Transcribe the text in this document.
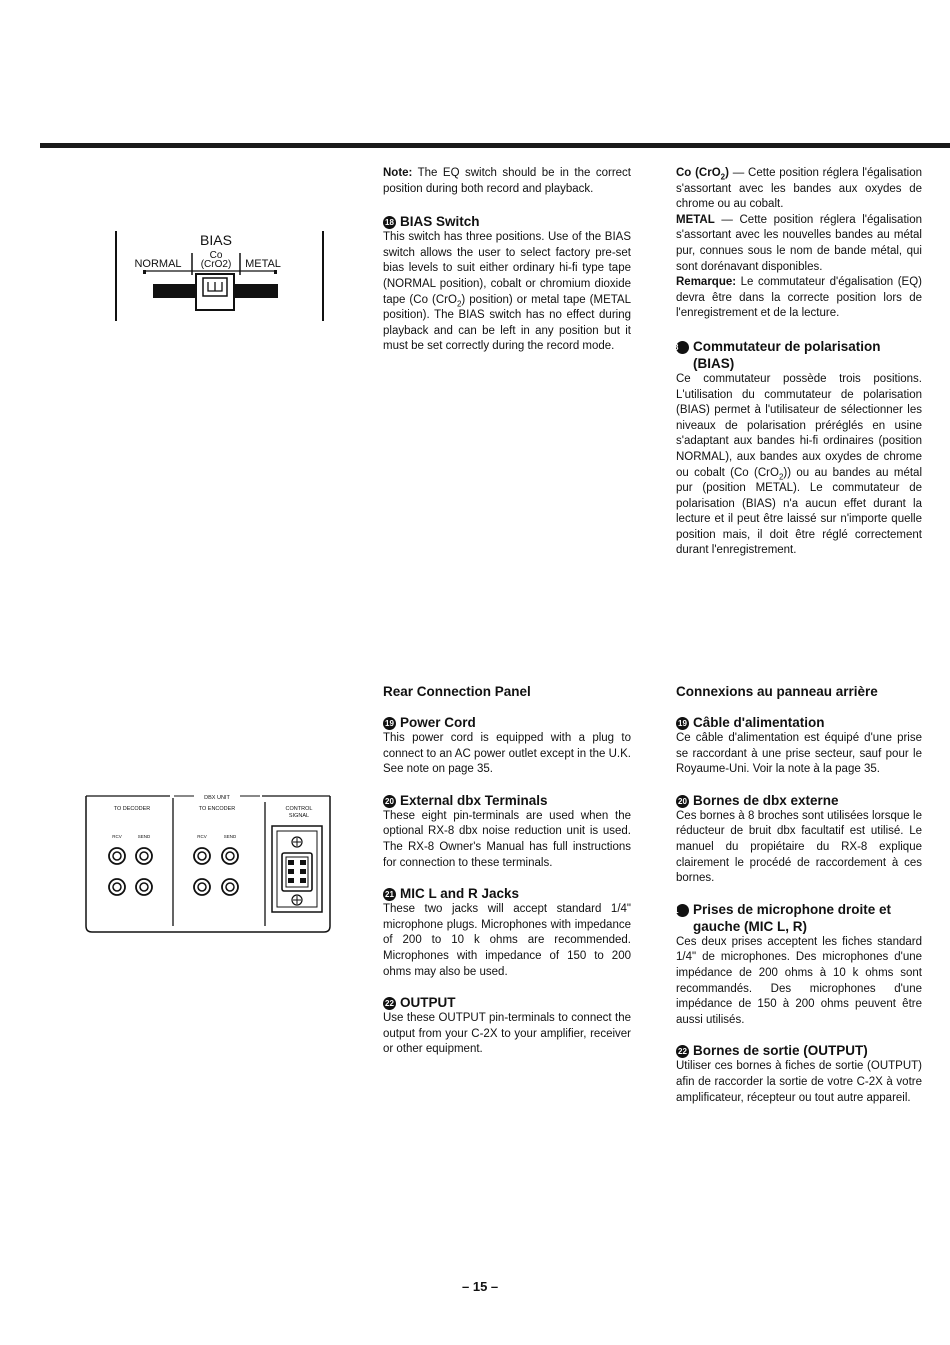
BIAS
Co
NORMAL (CrO2) METAL
DBX UNIT
TO DECODER	TO ENCODER	CONTROL
SIGNAL
RCV	SEND	RCV	SEND

Note: The EQ switch should be in the correct position during both record and playback.

18 BIAS Switch

This switch has three positions. Use of the BIAS switch allows the user to select factory pre-set bias levels to suit either ordinary hi-fi type tape (NORMAL position), cobalt or chromium dioxide tape (Co (CrO$_2$) position) or metal tape (METAL position). The BIAS switch has no effect during playback and can be left in any position but it must be set correctly during the record mode.

Co (CrO$_2$) — Cette position réglera l'égalisation s'assortant avec les bandes aux oxydes de chrome ou au cobalt.

METAL — Cette position réglera l'égalisation s'assortant avec les nouvelles bandes au métal pur, connues sous le nom de bande métal, qui sont dorénavant disponibles.

Remarque: Le commutateur d'égalisation (EQ) devra être dans la correcte position lors de l'enregistrement et de la lecture.

18 Commutateur de polarisation (BIAS)

Ce commutateur possède trois positions. L'utilisation du commutateur de polarisation (BIAS) permet à l'utilisateur de sélectionner les niveaux de polarisation préréglés en usine s'adaptant aux bandes hi-fi ordinaires (position NORMAL), aux bandes aux oxydes de chrome ou cobalt (Co (CrO$_2$)) ou au bandes au métal pur (position METAL). Le commutateur de polarisation (BIAS) n'a aucun effet durant la lecture et il peut être laissé sur n'importe quelle position mais, il doit être réglé correctement durant l'enregistrement.

Rear Connection Panel
19 Power Cord

This power cord is equipped with a plug to connect to an AC power outlet except in the U.K. See note on page 35.

20 External dbx Terminals

These eight pin-terminals are used when the optional RX-8 dbx noise reduction unit is used. The RX-8 Owner's Manual has full instructions for connection to these terminals.

21 MIC L and R Jacks

These two jacks will accept standard 1/4" microphone plugs. Microphones with impedance of 200 to 10 k ohms are recommended. Microphones with impedance of 150 to 200 ohms may also be used.

22 OUTPUT

Use these OUTPUT pin-terminals to connect the output from your C-2X to your amplifier, receiver or other equipment.

Connexions au panneau arrière
19 Câble d'alimentation

Ce câble d'alimentation est équipé d'une prise se raccordant à une prise secteur, sauf pour le Royaume-Uni. Voir la note à la page 35.

20 Bornes de dbx externe

Ces bornes à 8 broches sont utilisées lorsque le réducteur de bruit dbx facultatif est utilisé. Le manuel du propiétaire du RX-8 explique clairement le procédé de raccordement à ces bornes.

21 Prises de microphone droite et gauche (MIC L, R)

Ces deux prises acceptent les fiches standard 1/4" de microphones. Des microphones d'une impédance de 200 ohms à 10 k ohms sont recommandés. Des microphones d'une impédance de 150 à 200 ohms peuvent être aussi utilisés.

22 Bornes de sortie (OUTPUT)

Utiliser ces bornes à fiches de sortie (OUTPUT) afin de raccorder la sortie de votre C-2X à votre amplificateur, récepteur ou tout autre appareil.

– 15 –
